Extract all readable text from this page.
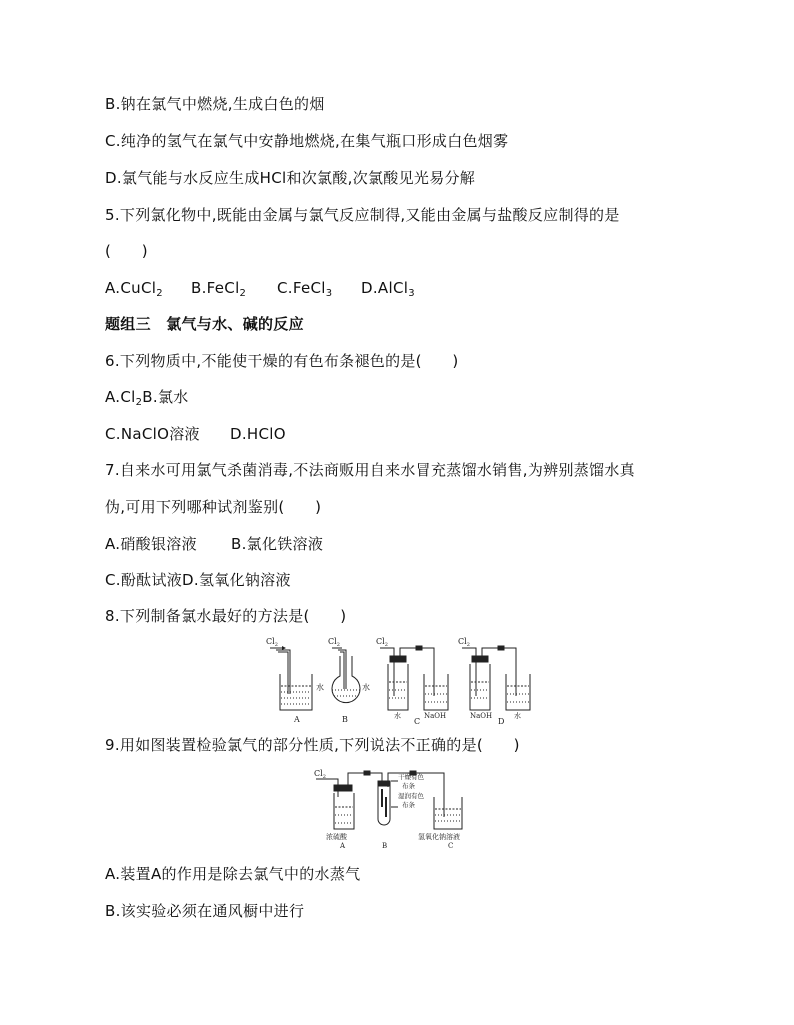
B.钠在氯气中燃烧,生成白色的烟
C.纯净的氢气在氯气中安静地燃烧,在集气瓶口形成白色烟雾
D.氯气能与水反应生成HCl和次氯酸,次氯酸见光易分解
5.下列氯化物中,既能由金属与氯气反应制得,又能由金属与盐酸反应制得的是
(　　)
A.CuCl$_2$ B.FeCl$_2$ C.FeCl$_3$ D.AlCl$_3$
题组三　氯气与水、碱的反应
6.下列物质中,不能使干燥的有色布条褪色的是(　　)
$A.Cl_2B$.氯水
C.NaClO溶液 D.HClO
7.自来水可用氯气杀菌消毒,不法商贩用自来水冒充蒸馏水销售,为辨别蒸馏水真
伪,可用下列哪种试剂鉴别(　　)
A.硝酸银溶液 B.氯化铁溶液
C.酚酞试液D.氢氧化钠溶液
8.下列制备氯水最好的方法是(　　)
$Cl_2$
水
A
$Cl_2$
水
B
$Cl_2$
水	NaOH
C
$Cl_2$
NaOH	水
D
9.用如图装置检验氯气的部分性质,下列说法不正确的是(　　)
$Cl_2$
浓硫酸
A
干燥有色
布条
湿润有色
布条
B
氢氧化钠溶液
C
A.装置A的作用是除去氯气中的水蒸气
B.该实验必须在通风橱中进行
